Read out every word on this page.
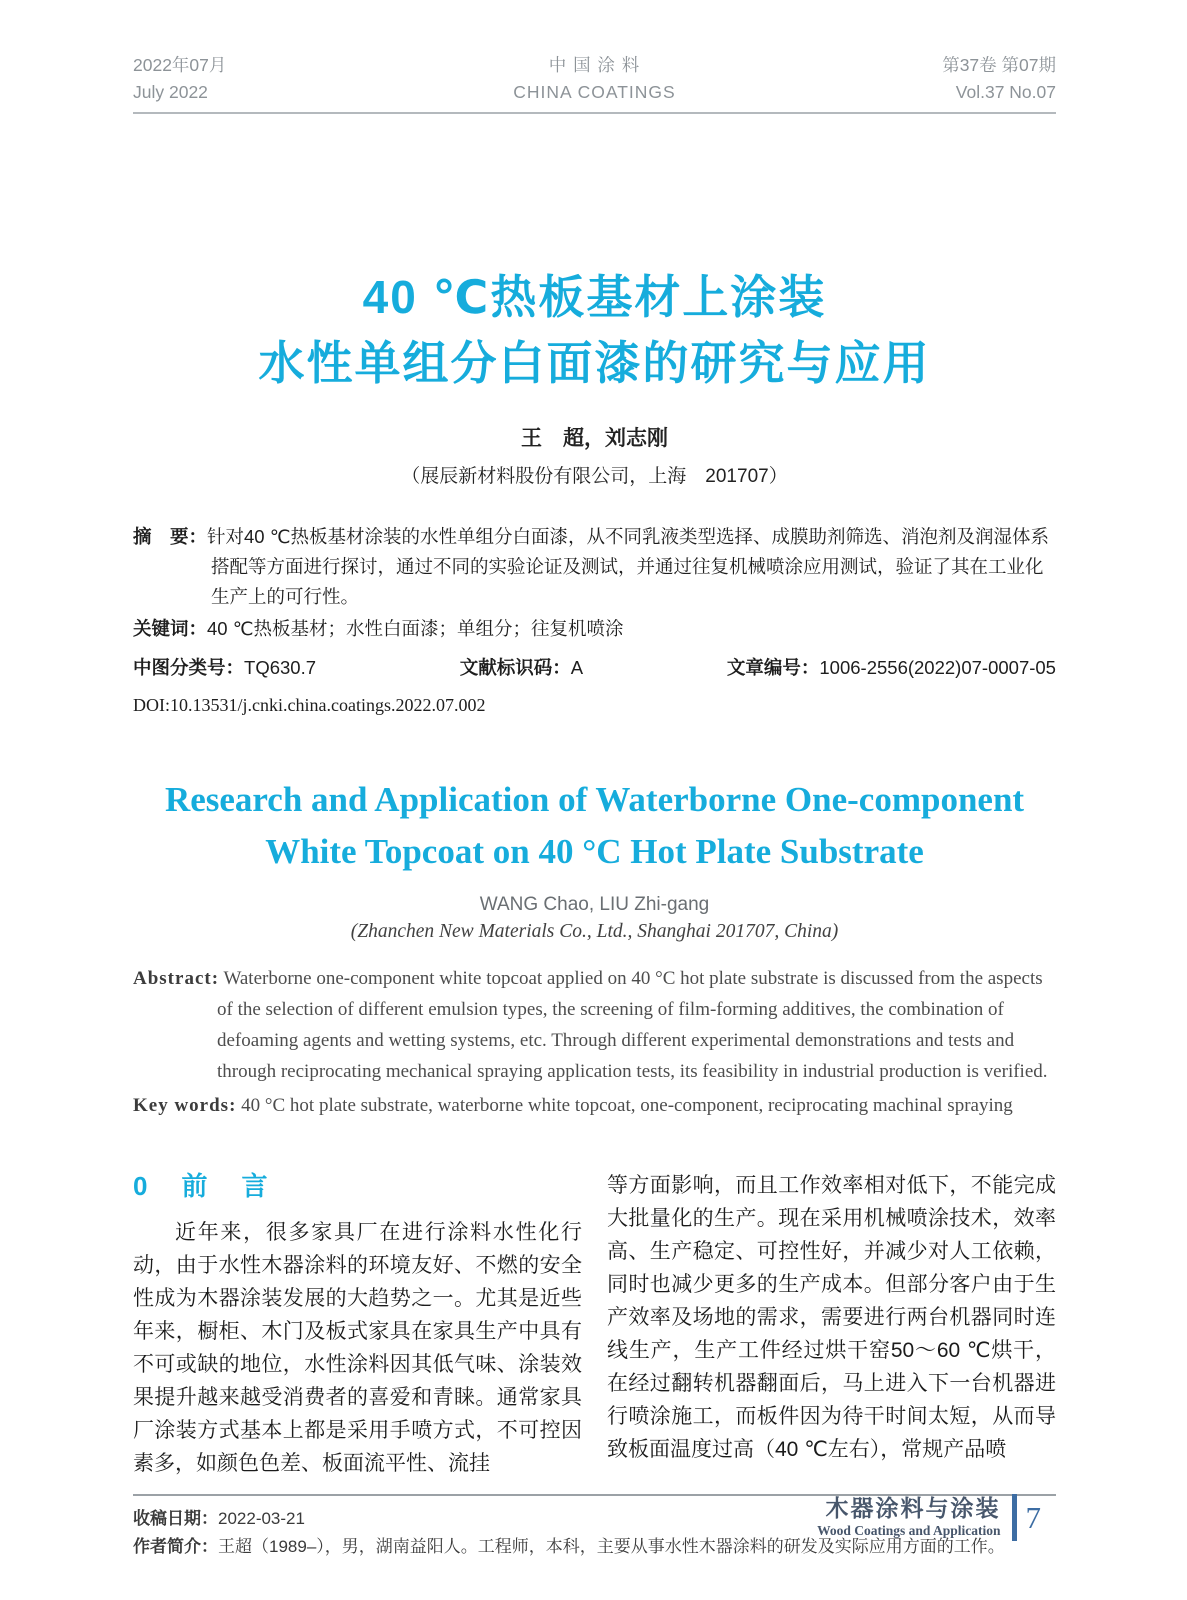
2022年07月
July 2022
中 国 涂 料
CHINA COATINGS
第37卷 第07期
Vol.37 No.07
40 ℃热板基材上涂装
水性单组分白面漆的研究与应用
王　超，刘志刚
（展辰新材料股份有限公司，上海　201707）

摘　要：针对40 ℃热板基材涂装的水性单组分白面漆，从不同乳液类型选择、成膜助剂筛选、消泡剂及润湿体系搭配等方面进行探讨，通过不同的实验论证及测试，并通过往复机械喷涂应用测试，验证了其在工业化生产上的可行性。

关键词：40 ℃热板基材；水性白面漆；单组分；往复机喷涂

中图分类号：TQ630.7	文献标识码：A	文章编号：1006-2556(2022)07-0007-05
DOI:10.13531/j.cnki.china.coatings.2022.07.002
Research and Application of Waterborne One-component
White Topcoat on 40 °C Hot Plate Substrate
WANG Chao, LIU Zhi-gang
(Zhanchen New Materials Co., Ltd., Shanghai 201707, China)

Abstract: Waterborne one-component white topcoat applied on 40 °C hot plate substrate is discussed from the aspects of the selection of different emulsion types, the screening of film-forming additives, the combination of defoaming agents and wetting systems, etc. Through different experimental demonstrations and tests and through reciprocating mechanical spraying application tests, its feasibility in industrial production is verified.

Key words: 40 °C hot plate substrate, waterborne white topcoat, one-component, reciprocating machinal spraying

0　前　言

近年来，很多家具厂在进行涂料水性化行动，由于水性木器涂料的环境友好、不燃的安全性成为木器涂装发展的大趋势之一。尤其是近些年来，橱柜、木门及板式家具在家具生产中具有不可或缺的地位，水性涂料因其低气味、涂装效果提升越来越受消费者的喜爱和青睐。通常家具厂涂装方式基本上都是采用手喷方式，不可控因素多，如颜色色差、板面流平性、流挂

等方面影响，而且工作效率相对低下，不能完成大批量化的生产。现在采用机械喷涂技术，效率高、生产稳定、可控性好，并减少对人工依赖，同时也减少更多的生产成本。但部分客户由于生产效率及场地的需求，需要进行两台机器同时连线生产，生产工件经过烘干窑50～60 ℃烘干，在经过翻转机器翻面后，马上进入下一台机器进行喷涂施工，而板件因为待干时间太短，从而导致板面温度过高（40 ℃左右），常规产品喷

收稿日期：2022-03-21
作者简介：王超（1989–），男，湖南益阳人。工程师，本科，主要从事水性木器涂料的研发及实际应用方面的工作。
木器涂料与涂装
Wood Coatings and Application 7
